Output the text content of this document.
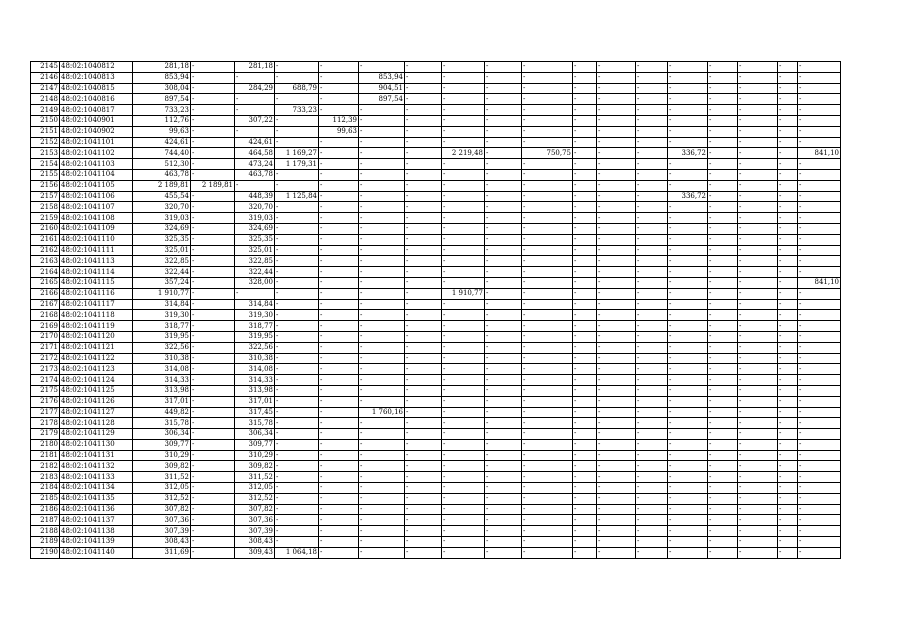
2145	48:02:1040812	281,18	-	281,18	-	-	-	-	-	-	-	-	-	-	-	-	-	-	-
2146	48:02:1040813	853,94	-	-	-	-	853,94	-	-	-	-	-	-	-	-	-	-	-	-
2147	48:02:1040815	308,04	-	284,29	688,79	-	904,51	-	-	-	-	-	-	-	-	-	-	-	-
2148	48:02:1040816	897,54	-	-	-	-	897,54	-	-	-	-	-	-	-	-	-	-	-	-
2149	48:02:1040817	733,23	-	-	733,23	-	-	-	-	-	-	-	-	-	-	-	-	-	-
2150	48:02:1040901	112,76	-	307,22	-	112,39	-	-	-	-	-	-	-	-	-	-	-	-	-
2151	48:02:1040902	99,63	-	-	-	99,63	-	-	-	-	-	-	-	-	-	-	-	-	-
2152	48:02:1041101	424,61	-	424,61	-	-	-	-	-	-	-	-	-	-	-	-	-	-	-
2153	48:02:1041102	744,40	-	464,58	1 169,27	-	-	-	2 219,48	-	750,75	-	-	-	336,72	-	-	-	841,10
2154	48:02:1041103	512,30	-	473,24	1 179,31	-	-	-	-	-	-	-	-	-	-	-	-	-	-
2155	48:02:1041104	463,78	-	463,78	-	-	-	-	-	-	-	-	-	-	-	-	-	-	-
2156	48:02:1041105	2 189,81	2 189,81	-	-	-	-	-	-	-	-	-	-	-	-	-	-	-	-
2157	48:02:1041106	455,54	-	448,39	1 125,84	-	-	-	-	-	-	-	-	-	336,72	-	-	-	-
2158	48:02:1041107	320,70	-	320,70	-	-	-	-	-	-	-	-	-	-	-	-	-	-	-
2159	48:02:1041108	319,03	-	319,03	-	-	-	-	-	-	-	-	-	-	-	-	-	-	-
2160	48:02:1041109	324,69	-	324,69	-	-	-	-	-	-	-	-	-	-	-	-	-	-	-
2161	48:02:1041110	325,35	-	325,35	-	-	-	-	-	-	-	-	-	-	-	-	-	-	-
2162	48:02:1041111	325,01	-	325,01	-	-	-	-	-	-	-	-	-	-	-	-	-	-	-
2163	48:02:1041113	322,85	-	322,85	-	-	-	-	-	-	-	-	-	-	-	-	-	-	-
2164	48:02:1041114	322,44	-	322,44	-	-	-	-	-	-	-	-	-	-	-	-	-	-	-
2165	48:02:1041115	357,24	-	328,00	-	-	-	-	-	-	-	-	-	-	-	-	-	-	841,10
2166	48:02:1041116	1 910,77	-	-	-	-	-	-	1 910,77	-	-	-	-	-	-	-	-	-	-
2167	48:02:1041117	314,84	-	314,84	-	-	-	-	-	-	-	-	-	-	-	-	-	-	-
2168	48:02:1041118	319,30	-	319,30	-	-	-	-	-	-	-	-	-	-	-	-	-	-	-
2169	48:02:1041119	318,77	-	318,77	-	-	-	-	-	-	-	-	-	-	-	-	-	-	-
2170	48:02:1041120	319,95	-	319,95	-	-	-	-	-	-	-	-	-	-	-	-	-	-	-
2171	48:02:1041121	322,56	-	322,56	-	-	-	-	-	-	-	-	-	-	-	-	-	-	-
2172	48:02:1041122	310,38	-	310,38	-	-	-	-	-	-	-	-	-	-	-	-	-	-	-
2173	48:02:1041123	314,08	-	314,08	-	-	-	-	-	-	-	-	-	-	-	-	-	-	-
2174	48:02:1041124	314,33	-	314,33	-	-	-	-	-	-	-	-	-	-	-	-	-	-	-
2175	48:02:1041125	313,98	-	313,98	-	-	-	-	-	-	-	-	-	-	-	-	-	-	-
2176	48:02:1041126	317,01	-	317,01	-	-	-	-	-	-	-	-	-	-	-	-	-	-	-
2177	48:02:1041127	449,82	-	317,45	-	-	1 760,16	-	-	-	-	-	-	-	-	-	-	-	-
2178	48:02:1041128	315,78	-	315,78	-	-	-	-	-	-	-	-	-	-	-	-	-	-	-
2179	48:02:1041129	306,34	-	306,34	-	-	-	-	-	-	-	-	-	-	-	-	-	-	-
2180	48:02:1041130	309,77	-	309,77	-	-	-	-	-	-	-	-	-	-	-	-	-	-	-
2181	48:02:1041131	310,29	-	310,29	-	-	-	-	-	-	-	-	-	-	-	-	-	-	-
2182	48:02:1041132	309,82	-	309,82	-	-	-	-	-	-	-	-	-	-	-	-	-	-	-
2183	48:02:1041133	311,52	-	311,52	-	-	-	-	-	-	-	-	-	-	-	-	-	-	-
2184	48:02:1041134	312,05	-	312,05	-	-	-	-	-	-	-	-	-	-	-	-	-	-	-
2185	48:02:1041135	312,52	-	312,52	-	-	-	-	-	-	-	-	-	-	-	-	-	-	-
2186	48:02:1041136	307,82	-	307,82	-	-	-	-	-	-	-	-	-	-	-	-	-	-	-
2187	48:02:1041137	307,36	-	307,36	-	-	-	-	-	-	-	-	-	-	-	-	-	-	-
2188	48:02:1041138	307,39	-	307,39	-	-	-	-	-	-	-	-	-	-	-	-	-	-	-
2189	48:02:1041139	308,43	-	308,43	-	-	-	-	-	-	-	-	-	-	-	-	-	-	-
2190	48:02:1041140	311,69	-	309,43	1 064,18	-	-	-	-	-	-	-	-	-	-	-	-	-	-
